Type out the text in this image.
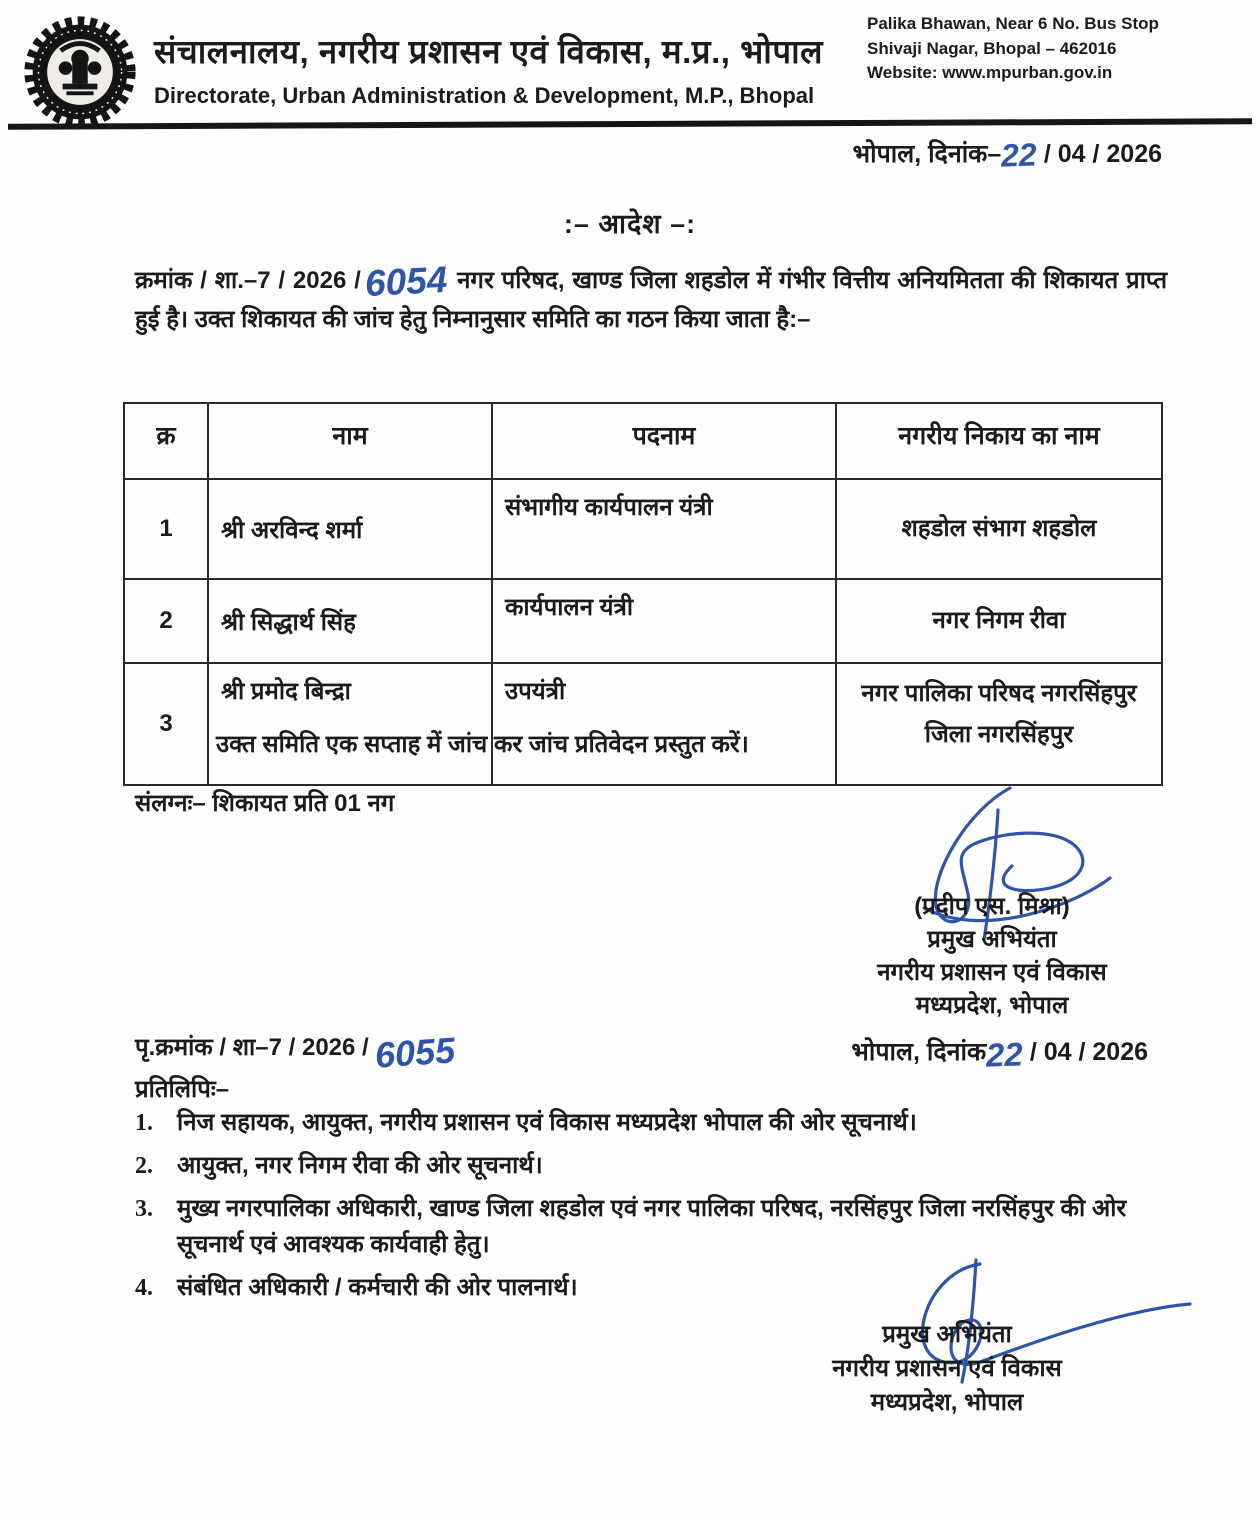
संचालनालय, नगरीय प्रशासन एवं विकास, म.प्र., भोपाल
Directorate, Urban Administration & Development, M.P., Bhopal
Palika Bhawan, Near 6 No. Bus Stop
Shivaji Nagar, Bhopal – 462016
Website: www.mpurban.gov.in
भोपाल, दिनांक–22 / 04 / 2026
:– आदेश –:
क्रमांक / शा.–7 / 2026 /6054 नगर परिषद, खाण्ड जिला शहडोल में गंभीर वित्तीय अनियमितता की शिकायत प्राप्त हुई है। उक्त शिकायत की जांच हेतु निम्नानुसार समिति का गठन किया जाता है:–
क्र	नाम	पदनाम	नगरीय निकाय का नाम
1	श्री अरविन्द शर्मा	संभागीय कार्यपालन यंत्री	शहडोल संभाग शहडोल
2	श्री सिद्धार्थ सिंह	कार्यपालन यंत्री	नगर निगम रीवा
3	श्री प्रमोद बिन्द्रा	उपयंत्री	नगर पालिका परिषद नगरसिंहपुर जिला नगरसिंहपुर
उक्त समिति एक सप्ताह में जांच कर जांच प्रतिवेदन प्रस्तुत करें।
संलग्नः– शिकायत प्रति 01 नग
(प्रदीप एस. मिश्रा)
प्रमुख अभियंता
नगरीय प्रशासन एवं विकास
मध्यप्रदेश, भोपाल
पृ.क्रमांक / शा–7 / 2026 / 6055	भोपाल, दिनांक22 / 04 / 2026
प्रतिलिपिः–
1.	निज सहायक, आयुक्त, नगरीय प्रशासन एवं विकास मध्यप्रदेश भोपाल की ओर सूचनार्थ।
2.	आयुक्त, नगर निगम रीवा की ओर सूचनार्थ।
3.	मुख्य नगरपालिका अधिकारी, खाण्ड जिला शहडोल एवं नगर पालिका परिषद, नरसिंहपुर जिला नरसिंहपुर की ओर सूचनार्थ एवं आवश्यक कार्यवाही हेतु।
4.	संबंधित अधिकारी / कर्मचारी की ओर पालनार्थ।
प्रमुख अभियंता
नगरीय प्रशासन एवं विकास
मध्यप्रदेश, भोपाल
